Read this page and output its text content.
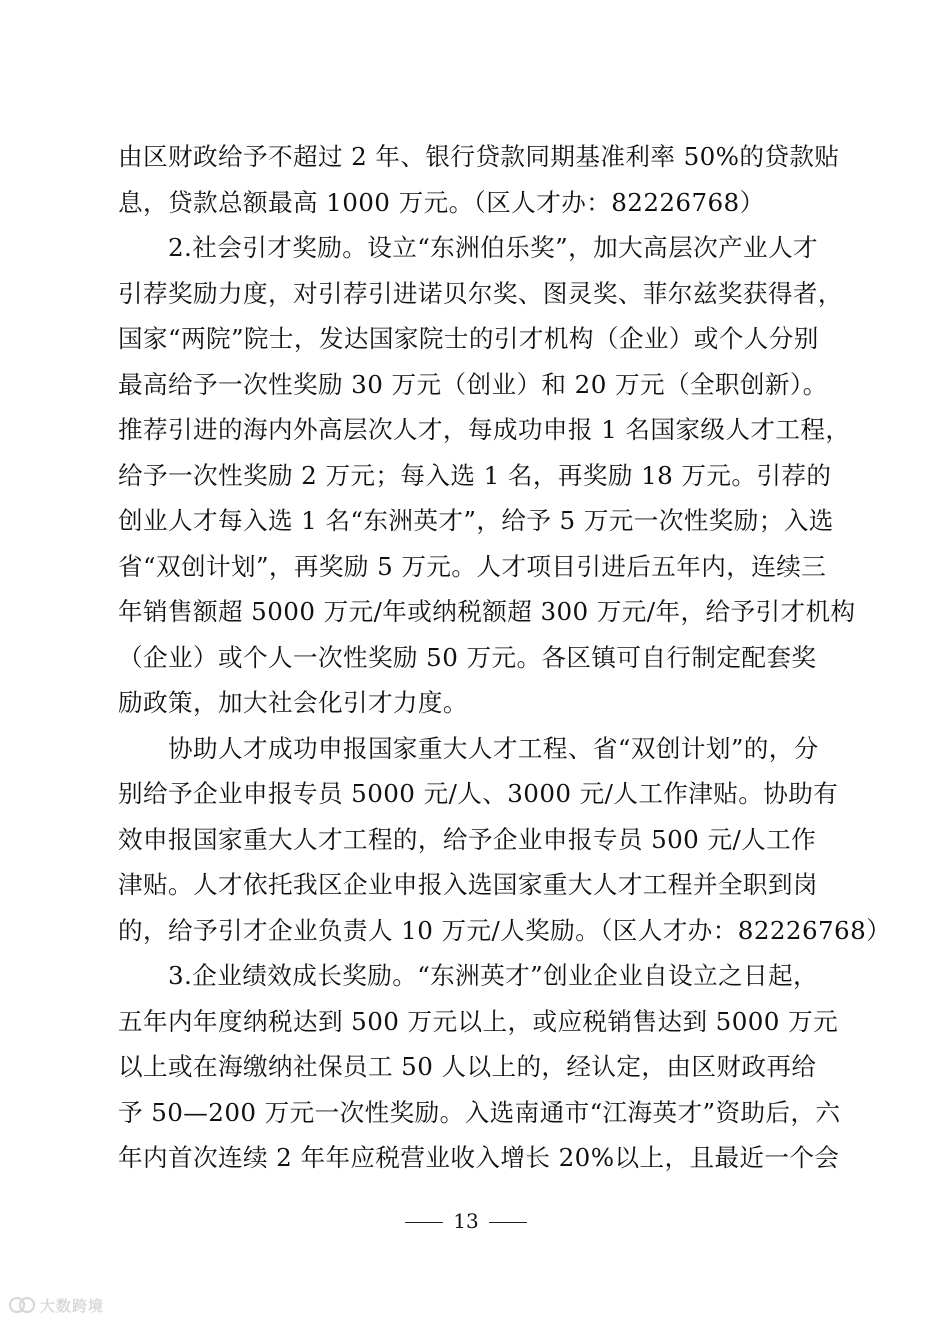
由区财政给予不超过 2 年、银行贷款同期基准利率 50%的贷款贴
息，贷款总额最高 1000 万元。（区人才办：82226768）

　　2.社会引才奖励。设立“东洲伯乐奖”，加大高层次产业人才
引荐奖励力度，对引荐引进诺贝尔奖、图灵奖、菲尔兹奖获得者，
国家“两院”院士，发达国家院士的引才机构（企业）或个人分别
最高给予一次性奖励 30 万元（创业）和 20 万元（全职创新）。
推荐引进的海内外高层次人才，每成功申报 1 名国家级人才工程，
给予一次性奖励 2 万元；每入选 1 名，再奖励 18 万元。引荐的
创业人才每入选 1 名“东洲英才”，给予 5 万元一次性奖励；入选
省“双创计划”，再奖励 5 万元。人才项目引进后五年内，连续三
年销售额超 5000 万元/年或纳税额超 300 万元/年，给予引才机构
（企业）或个人一次性奖励 50 万元。各区镇可自行制定配套奖
励政策，加大社会化引才力度。

　　协助人才成功申报国家重大人才工程、省“双创计划”的，分
别给予企业申报专员 5000 元/人、3000 元/人工作津贴。协助有
效申报国家重大人才工程的，给予企业申报专员 500 元/人工作
津贴。人才依托我区企业申报入选国家重大人才工程并全职到岗
的，给予引才企业负责人 10 万元/人奖励。（区人才办：82226768）

　　3.企业绩效成长奖励。“东洲英才”创业企业自设立之日起，
五年内年度纳税达到 500 万元以上，或应税销售达到 5000 万元
以上或在海缴纳社保员工 50 人以上的，经认定，由区财政再给
予 50—200 万元一次性奖励。入选南通市“江海英才”资助后，六
年内首次连续 2 年年应税营业收入增长 20%以上，且最近一个会

13
大数跨境
